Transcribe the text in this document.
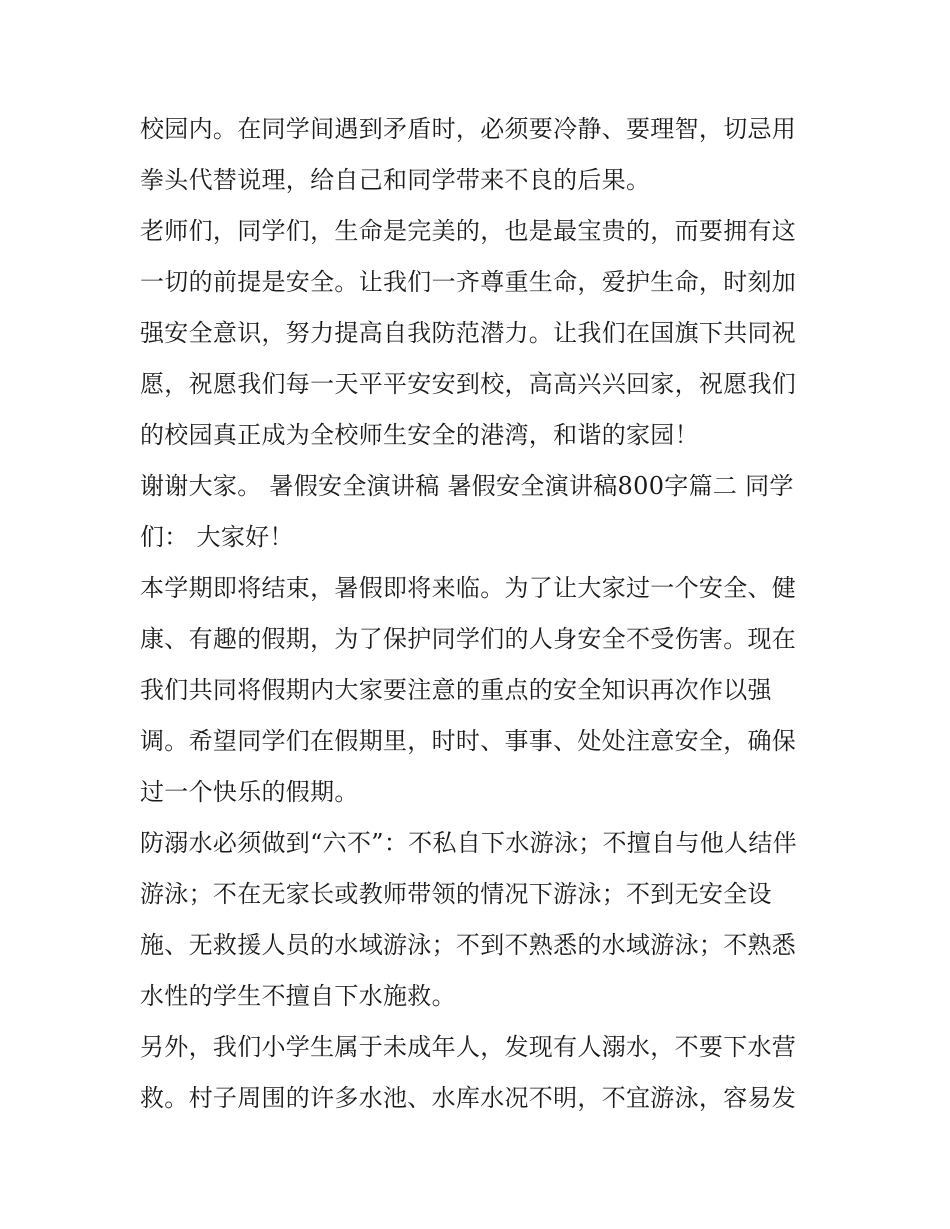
校园内。在同学间遇到矛盾时，必须要冷静、要理智，切忌用
拳头代替说理，给自己和同学带来不良的后果。
老师们，同学们，生命是完美的，也是最宝贵的，而要拥有这
一切的前提是安全。让我们一齐尊重生命，爱护生命，时刻加
强安全意识，努力提高自我防范潜力。让我们在国旗下共同祝
愿，祝愿我们每一天平平安安到校，高高兴兴回家，祝愿我们
的校园真正成为全校师生安全的港湾，和谐的家园！
谢谢大家。 暑假安全演讲稿 暑假安全演讲稿800字篇二 同学
们： 大家好！
本学期即将结束，暑假即将来临。为了让大家过一个安全、健
康、有趣的假期，为了保护同学们的人身安全不受伤害。现在
我们共同将假期内大家要注意的重点的安全知识再次作以强
调。希望同学们在假期里，时时、事事、处处注意安全，确保
过一个快乐的假期。
防溺水必须做到“六不”：不私自下水游泳；不擅自与他人结伴
游泳；不在无家长或教师带领的情况下游泳；不到无安全设
施、无救援人员的水域游泳；不到不熟悉的水域游泳；不熟悉
水性的学生不擅自下水施救。
另外，我们小学生属于未成年人，发现有人溺水，不要下水营
救。村子周围的许多水池、水库水况不明，不宜游泳，容易发
